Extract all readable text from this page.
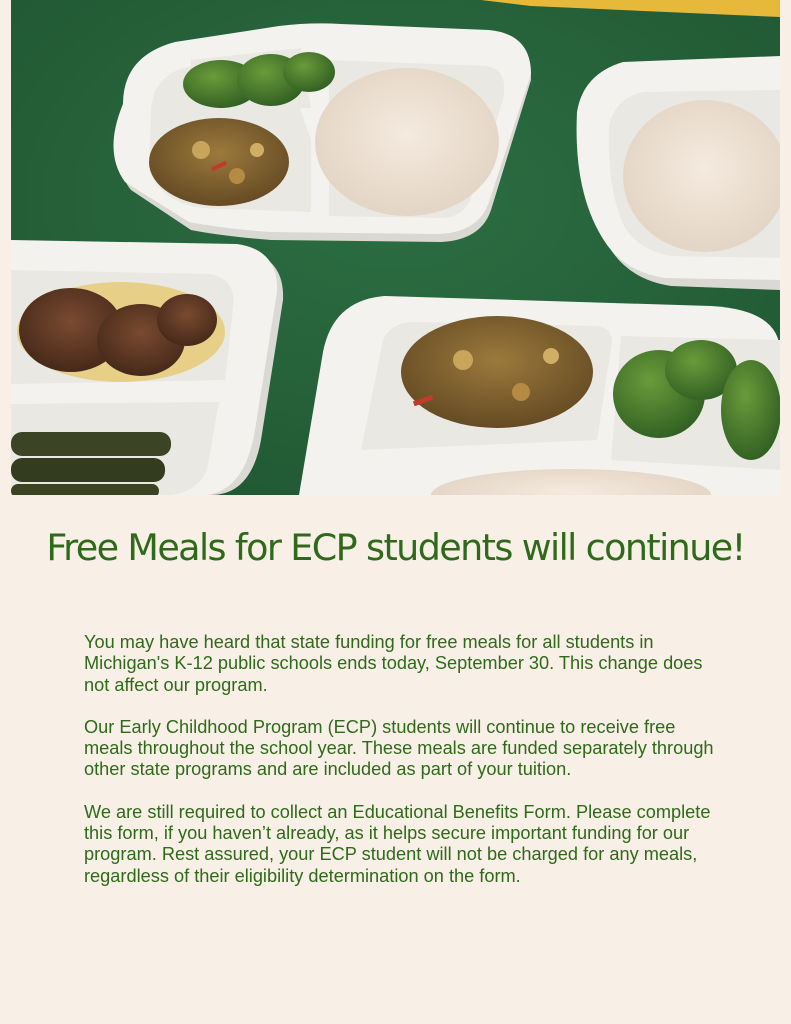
Free Meals for ECP students will continue!

You may have heard that state funding for free meals for all students in Michigan's K-12 public schools ends today, September 30. This change does not affect our program.

Our Early Childhood Program (ECP) students will continue to receive free meals throughout the school year. These meals are funded separately through other state programs and are included as part of your tuition.

We are still required to collect an Educational Benefits Form. Please complete this form, if you haven’t already, as it helps secure important funding for our program. Rest assured, your ECP student will not be charged for any meals, regardless of their eligibility determination on the form.
